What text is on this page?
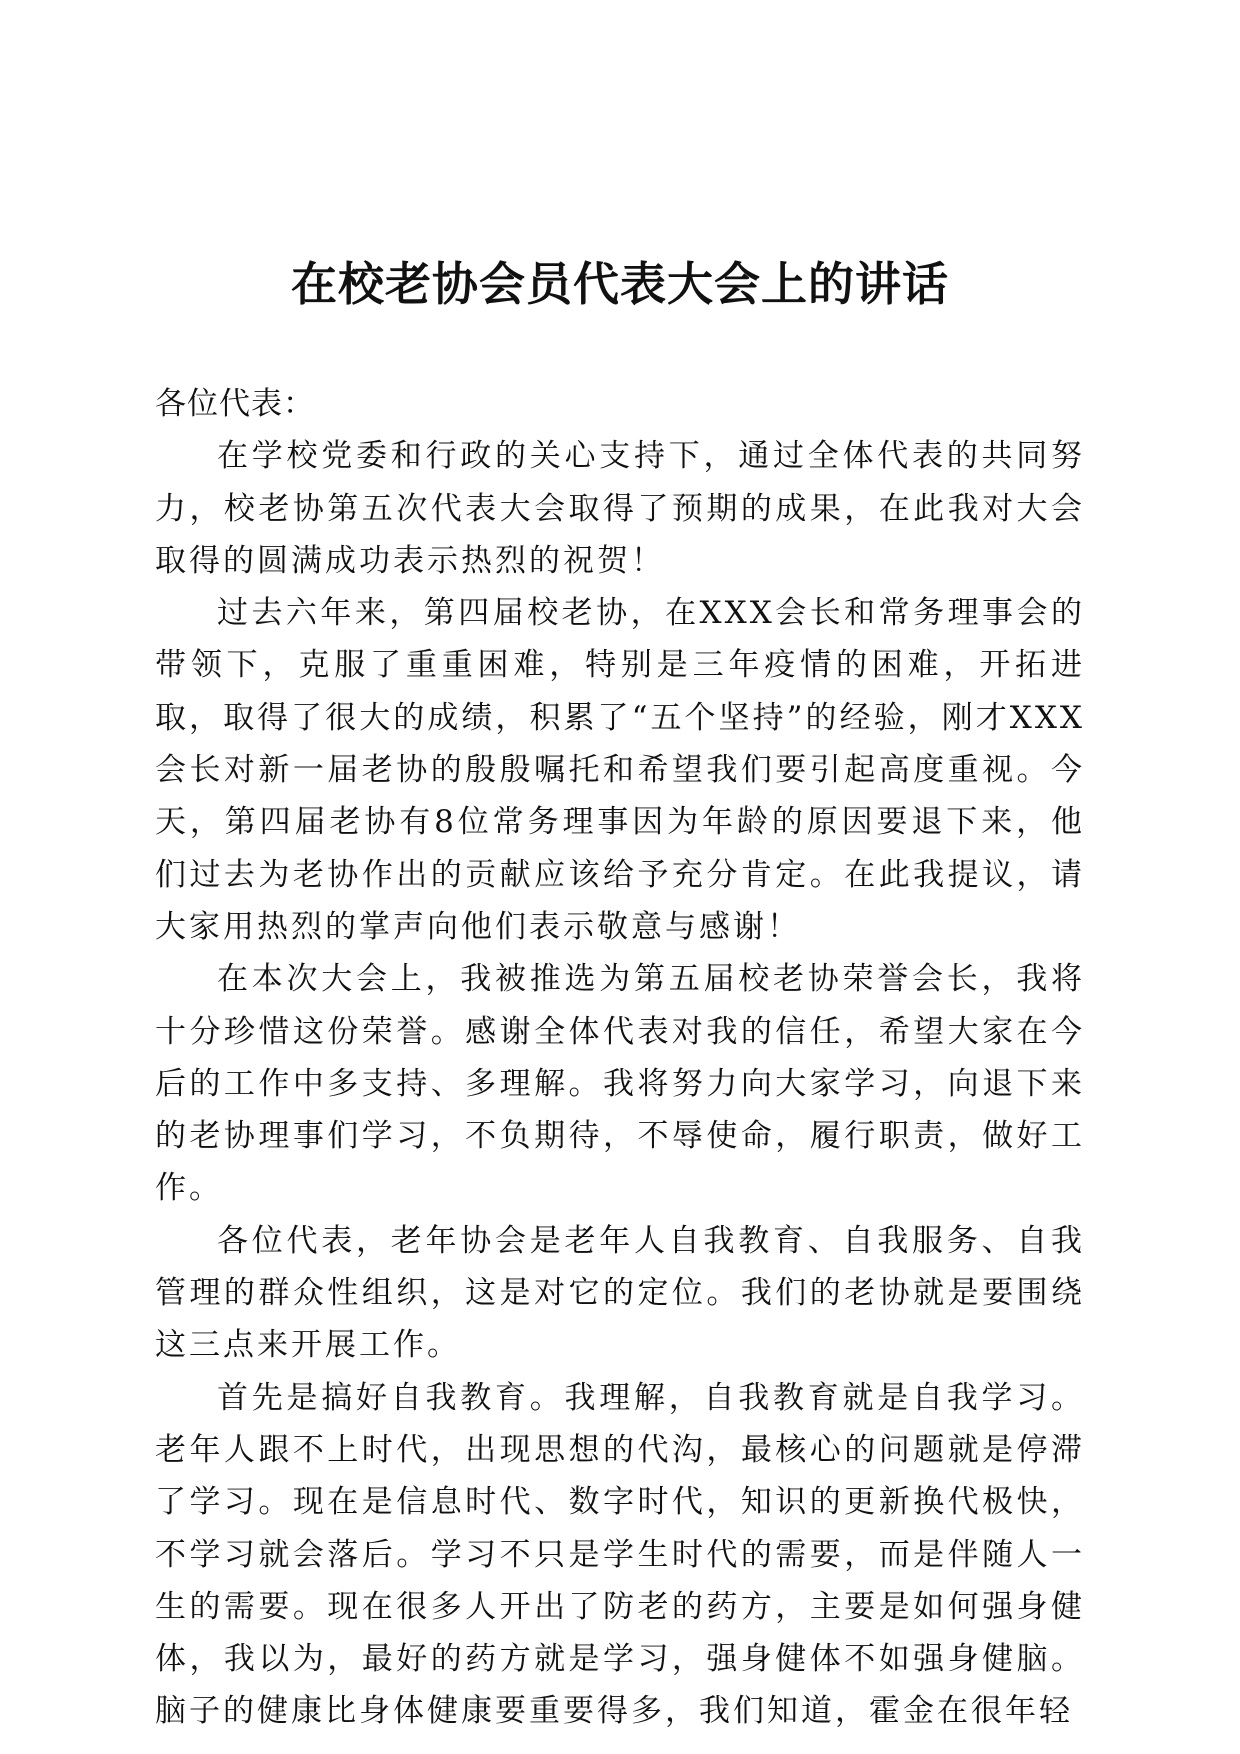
在校老协会员代表大会上的讲话

各位代表：

在学校党委和行政的关心支持下，通过全体代表的共同努力，校老协第五次代表大会取得了预期的成果，在此我对大会取得的圆满成功表示热烈的祝贺！

过去六年来，第四届校老协，在XXX会长和常务理事会的带领下，克服了重重困难，特别是三年疫情的困难，开拓进取，取得了很大的成绩，积累了“五个坚持”的经验，刚才XXX会长对新一届老协的殷殷嘱托和希望我们要引起高度重视。今天，第四届老协有8位常务理事因为年龄的原因要退下来，他们过去为老协作出的贡献应该给予充分肯定。在此我提议，请大家用热烈的掌声向他们表示敬意与感谢！

在本次大会上，我被推选为第五届校老协荣誉会长，我将十分珍惜这份荣誉。感谢全体代表对我的信任，希望大家在今后的工作中多支持、多理解。我将努力向大家学习，向退下来的老协理事们学习，不负期待，不辱使命，履行职责，做好工作。

各位代表，老年协会是老年人自我教育、自我服务、自我管理的群众性组织，这是对它的定位。我们的老协就是要围绕这三点来开展工作。

首先是搞好自我教育。我理解，自我教育就是自我学习。老年人跟不上时代，出现思想的代沟，最核心的问题就是停滞了学习。现在是信息时代、数字时代，知识的更新换代极快，不学习就会落后。学习不只是学生时代的需要，而是伴随人一生的需要。现在很多人开出了防老的药方，主要是如何强身健体，我以为，最好的药方就是学习，强身健体不如强身健脑。脑子的健康比身体健康要重要得多，我们知道，霍金在很年轻
